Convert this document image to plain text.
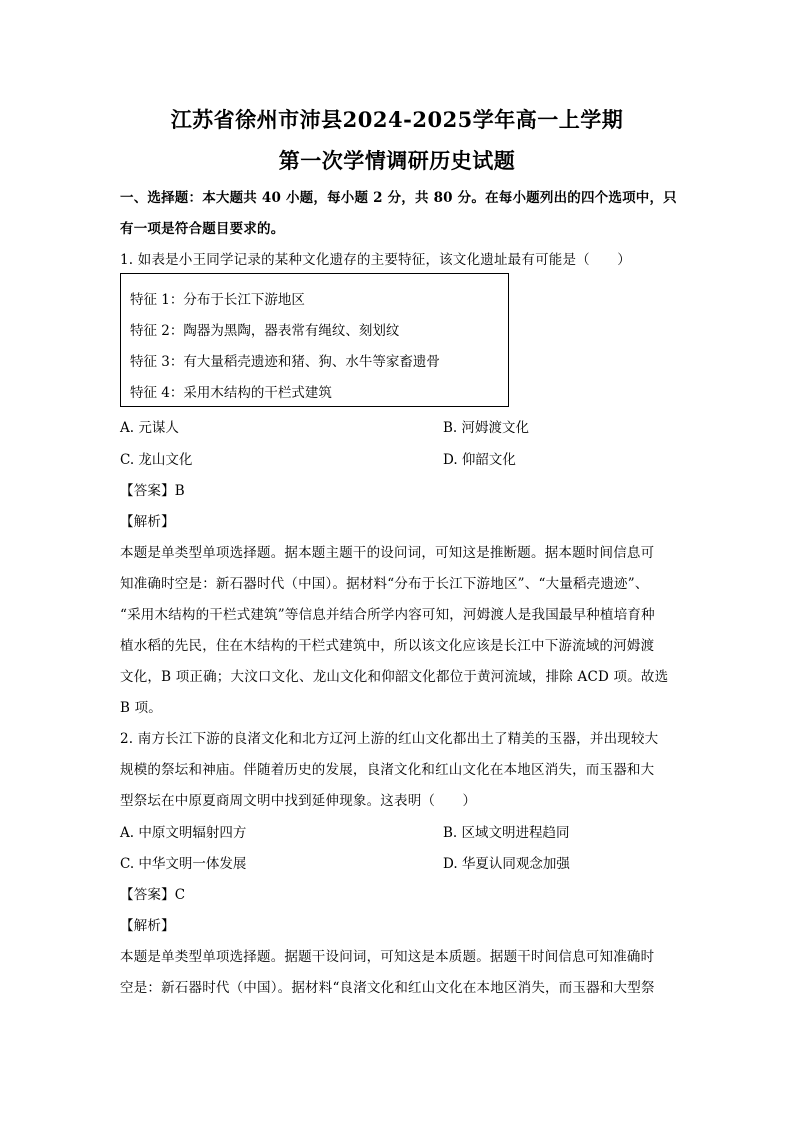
江苏省徐州市沛县2024-2025学年高一上学期
第一次学情调研历史试题
一、选择题：本大题共 40 小题，每小题 2 分，共 80 分。在每小题列出的四个选项中，只
有一项是符合题目要求的。
1. 如表是小王同学记录的某种文化遗存的主要特征，该文化遗址最有可能是（　　）
特征 1：分布于长江下游地区
特征 2：陶器为黑陶，器表常有绳纹、刻划纹
特征 3：有大量稻壳遗迹和猪、狗、水牛等家畜遗骨
特征 4：采用木结构的干栏式建筑
A. 元谋人	B. 河姆渡文化
C. 龙山文化	D. 仰韶文化
【答案】B
【解析】
本题是单类型单项选择题。据本题主题干的设问词，可知这是推断题。据本题时间信息可
知准确时空是：新石器时代（中国）。据材料“分布于长江下游地区”、“大量稻壳遗迹”、
“采用木结构的干栏式建筑”等信息并结合所学内容可知，河姆渡人是我国最早种植培育种
植水稻的先民，住在木结构的干栏式建筑中，所以该文化应该是长江中下游流域的河姆渡
文化，B 项正确；大汶口文化、龙山文化和仰韶文化都位于黄河流域，排除 ACD 项。故选
B 项。
2. 南方长江下游的良渚文化和北方辽河上游的红山文化都出土了精美的玉器，并出现较大
规模的祭坛和神庙。伴随着历史的发展，良渚文化和红山文化在本地区消失，而玉器和大
型祭坛在中原夏商周文明中找到延伸现象。这表明（　　）
A. 中原文明辐射四方	B. 区域文明进程趋同
C. 中华文明一体发展	D. 华夏认同观念加强
【答案】C
【解析】
本题是单类型单项选择题。据题干设问词，可知这是本质题。据题干时间信息可知准确时
空是：新石器时代（中国）。据材料“良渚文化和红山文化在本地区消失，而玉器和大型祭
